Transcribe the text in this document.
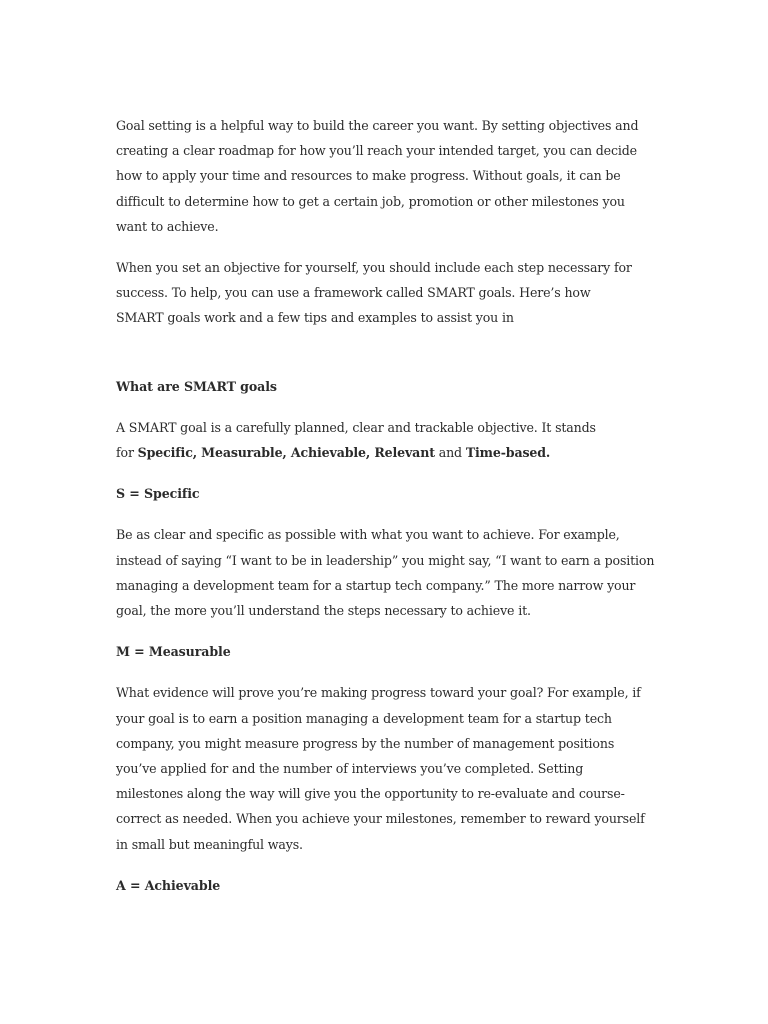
Goal setting is a helpful way to build the career you want. By setting objectives and
creating a clear roadmap for how you’ll reach your intended target, you can decide
how to apply your time and resources to make progress. Without goals, it can be
difficult to determine how to get a certain job, promotion or other milestones you
want to achieve.

When you set an objective for yourself, you should include each step necessary for
success. To help, you can use a framework called SMART goals. Here’s how
SMART goals work and a few tips and examples to assist you in

What are SMART goals

A SMART goal is a carefully planned, clear and trackable objective. It stands
for Specific, Measurable, Achievable, Relevant and Time-based.

S = Specific

Be as clear and specific as possible with what you want to achieve. For example,
instead of saying “I want to be in leadership” you might say, “I want to earn a position
managing a development team for a startup tech company.” The more narrow your
goal, the more you’ll understand the steps necessary to achieve it.

M = Measurable

What evidence will prove you’re making progress toward your goal? For example, if
your goal is to earn a position managing a development team for a startup tech
company, you might measure progress by the number of management positions
you’ve applied for and the number of interviews you’ve completed. Setting
milestones along the way will give you the opportunity to re-evaluate and course-
correct as needed. When you achieve your milestones, remember to reward yourself
in small but meaningful ways.

A = Achievable
